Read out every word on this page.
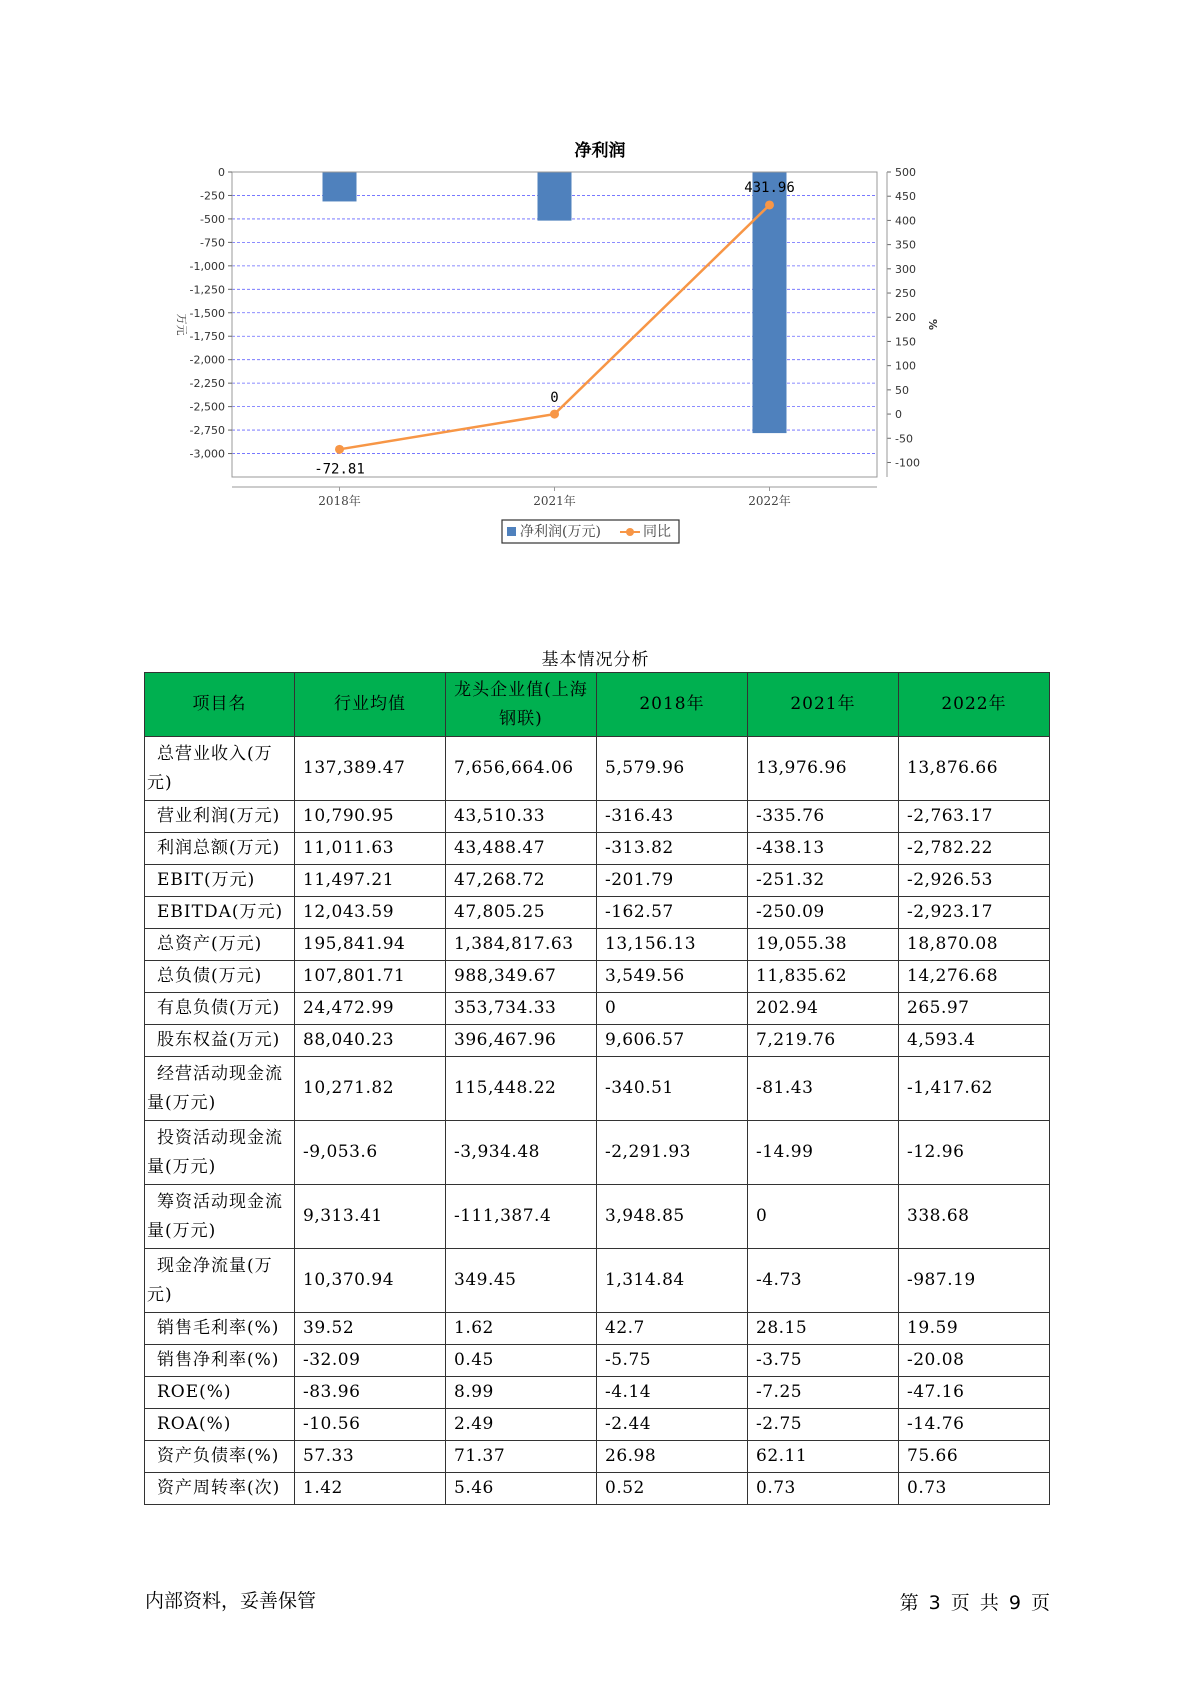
净利润
0
-250
-500
-750
-1,000
-1,250
-1,500
-1,750
-2,000
-2,250
-2,500
-2,750
-3,000
500
450
400
350
300
250
200
150
100
50
0
-50
-100
万元	%
2018年	2021年	2022年
-72.81
0
431.96
净利润(万元)	同比
基本情况分析
项目名	行业均值	龙头企业值(上海钢联)	2018年	2021年	2022年
总营业收入(万元)	137,389.47	7,656,664.06	5,579.96	13,976.96	13,876.66
营业利润(万元)	10,790.95	43,510.33	-316.43	-335.76	-2,763.17
利润总额(万元)	11,011.63	43,488.47	-313.82	-438.13	-2,782.22
EBIT(万元)	11,497.21	47,268.72	-201.79	-251.32	-2,926.53
EBITDA(万元)	12,043.59	47,805.25	-162.57	-250.09	-2,923.17
总资产(万元)	195,841.94	1,384,817.63	13,156.13	19,055.38	18,870.08
总负债(万元)	107,801.71	988,349.67	3,549.56	11,835.62	14,276.68
有息负债(万元)	24,472.99	353,734.33	0	202.94	265.97
股东权益(万元)	88,040.23	396,467.96	9,606.57	7,219.76	4,593.4
经营活动现金流量(万元)	10,271.82	115,448.22	-340.51	-81.43	-1,417.62
投资活动现金流量(万元)	-9,053.6	-3,934.48	-2,291.93	-14.99	-12.96
筹资活动现金流量(万元)	9,313.41	-111,387.4	3,948.85	0	338.68
现金净流量(万元)	10,370.94	349.45	1,314.84	-4.73	-987.19
销售毛利率(%)	39.52	1.62	42.7	28.15	19.59
销售净利率(%)	-32.09	0.45	-5.75	-3.75	-20.08
ROE(%)	-83.96	8.99	-4.14	-7.25	-47.16
ROA(%)	-10.56	2.49	-2.44	-2.75	-14.76
资产负债率(%)	57.33	71.37	26.98	62.11	75.66
资产周转率(次)	1.42	5.46	0.52	0.73	0.73
内部资料，妥善保管	第 3 页 共 9 页
